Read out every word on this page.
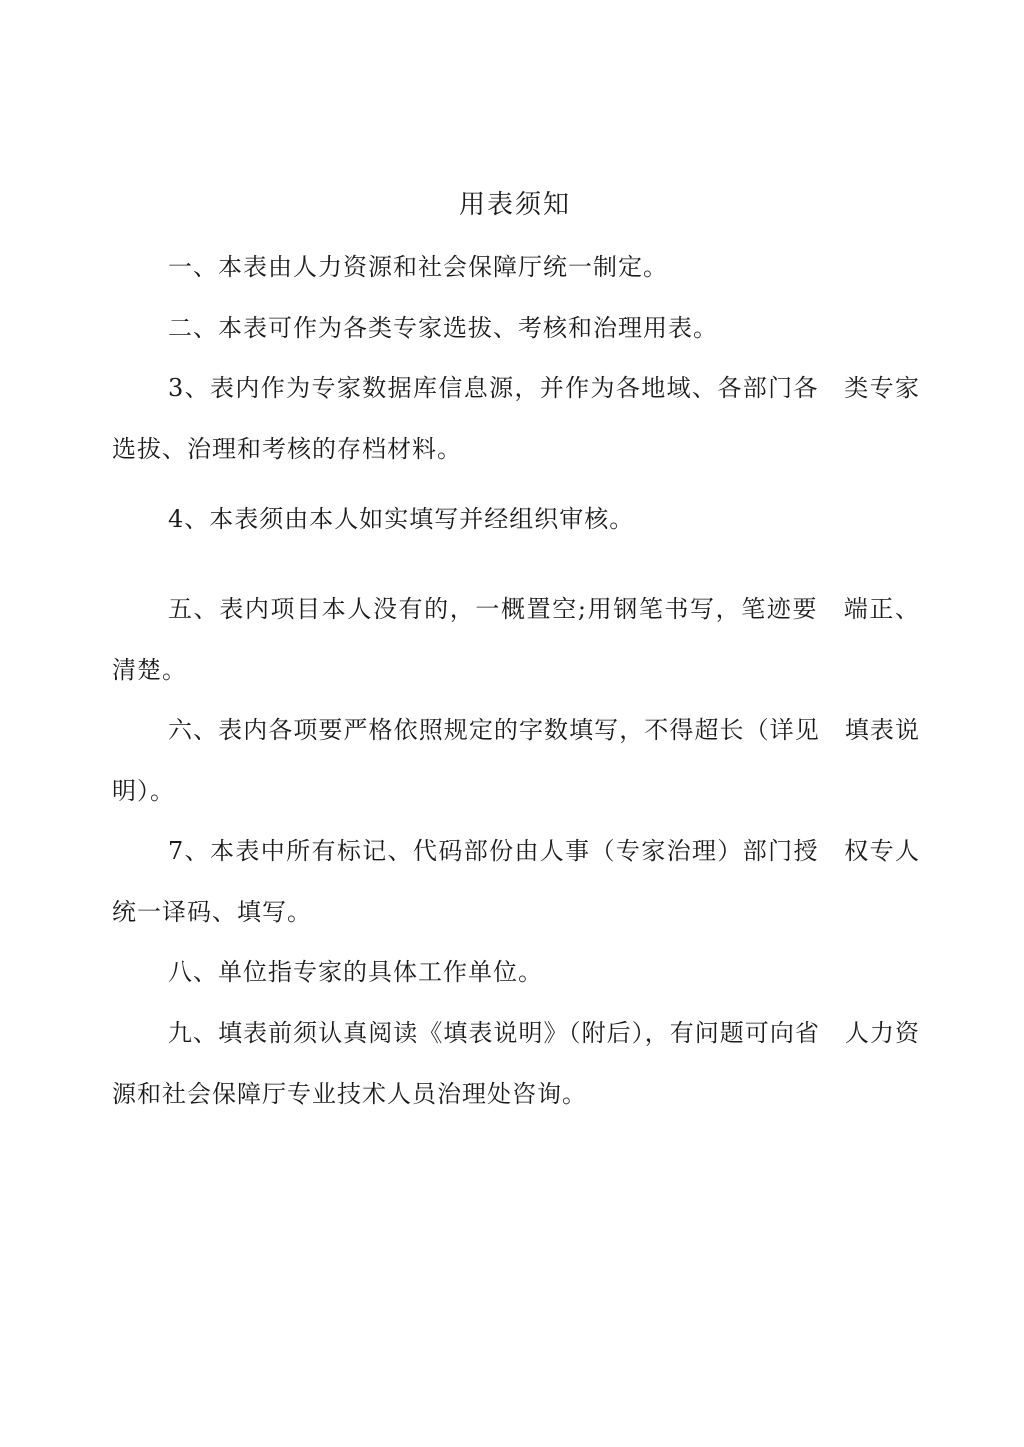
用表须知

一、本表由人力资源和社会保障厅统一制定。

二、本表可作为各类专家选拔、考核和治理用表。

3、表内作为专家数据库信息源，并作为各地域、各部门各　类专家选拔、治理和考核的存档材料。

4、本表须由本人如实填写并经组织审核。

五、表内项目本人没有的，一概置空;用钢笔书写，笔迹要　端正、清楚。

六、表内各项要严格依照规定的字数填写，不得超长（详见　填表说明）。

7、本表中所有标记、代码部份由人事（专家治理）部门授　权专人统一译码、填写。

八、单位指专家的具体工作单位。

九、填表前须认真阅读《填表说明》（附后），有问题可向省　人力资源和社会保障厅专业技术人员治理处咨询。
